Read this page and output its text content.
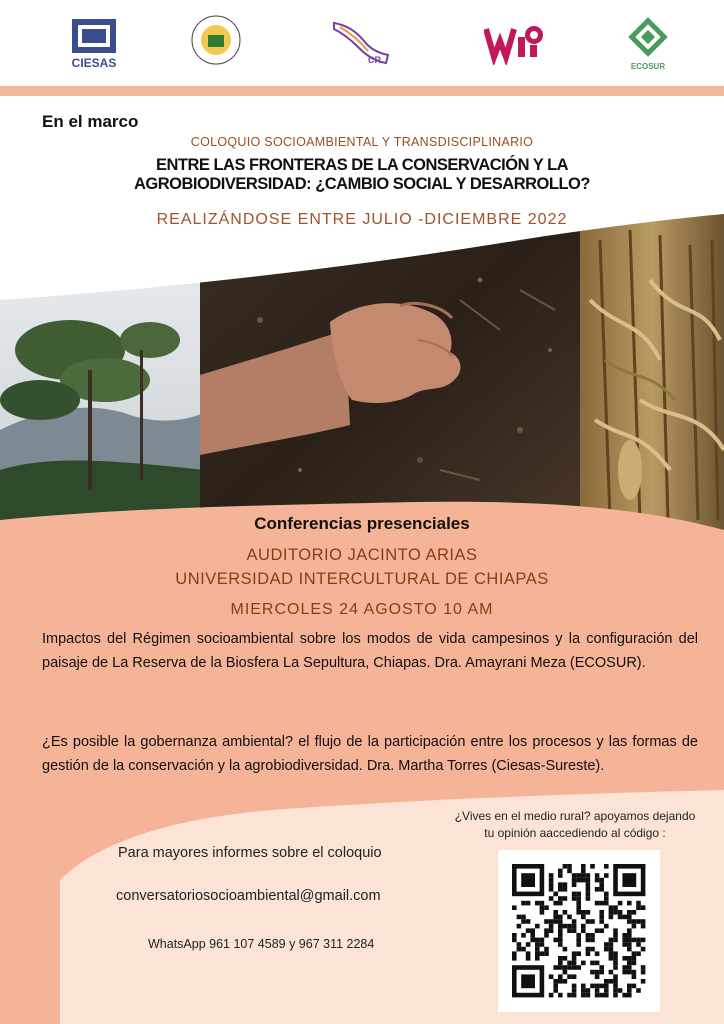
CIESAS	CR
ECOSUR
En el marco
COLOQUIO SOCIOAMBIENTAL Y TRANSDISCIPLINARIO
ENTRE LAS FRONTERAS DE LA CONSERVACIÓN Y LA
AGROBIODIVERSIDAD: ¿CAMBIO SOCIAL Y DESARROLLO?
REALIZÁNDOSE ENTRE JULIO -DICIEMBRE 2022
Conferencias presenciales
AUDITORIO JACINTO ARIAS
UNIVERSIDAD INTERCULTURAL DE CHIAPAS
MIERCOLES 24 AGOSTO 10 AM
Impactos del Régimen socioambiental sobre los modos de vida campesinos y la configuración del paisaje de La Reserva de la Biosfera La Sepultura, Chiapas. Dra. Amayrani Meza (ECOSUR).
¿Es posible la gobernanza ambiental? el flujo de la participación entre los procesos y las formas de gestión de la conservación y la agrobiodiversidad. Dra. Martha Torres (Ciesas-Sureste).
¿Vives en el medio rural? apoyamos dejando
tu opinión aaccediendo al código :
Para mayores informes sobre el coloquio
conversatoriosocioambiental@gmail.com
WhatsApp 961 107 4589 y 967 311 2284
